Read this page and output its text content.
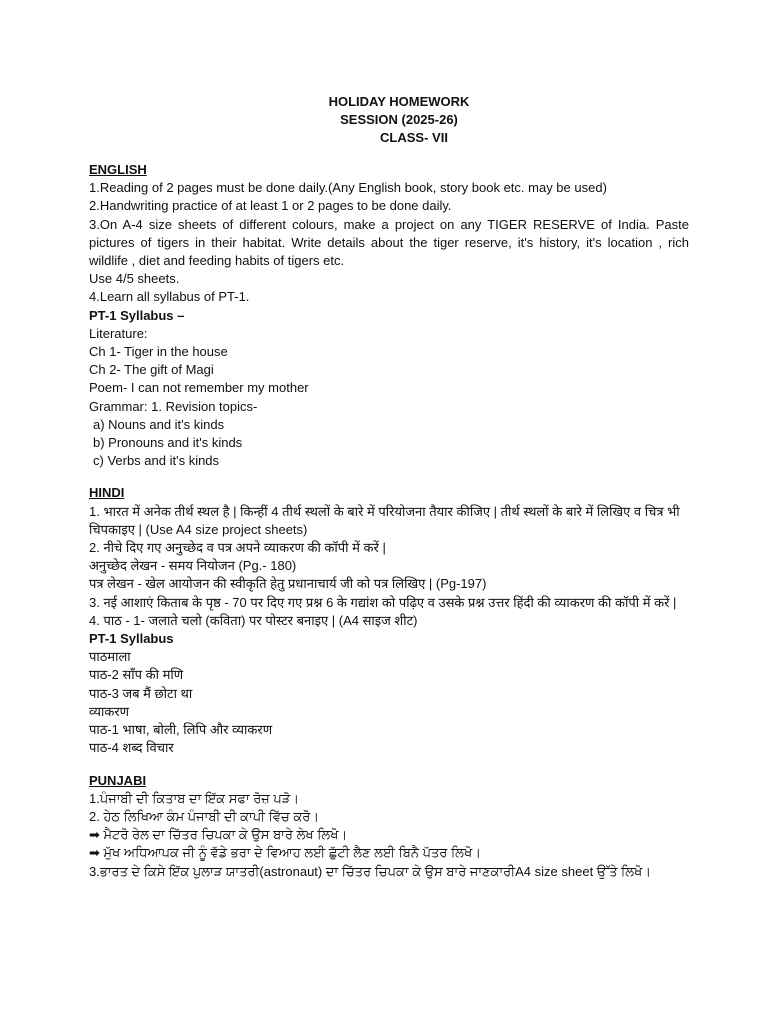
HOLIDAY HOMEWORK
SESSION (2025-26)
CLASS- VII
ENGLISH
1.Reading of 2 pages must be done daily.(Any English book, story book etc. may be used)
2.Handwriting practice of at least 1 or 2 pages to be done daily.
3.On A-4 size sheets of different colours, make a project on any TIGER RESERVE of India. Paste pictures of tigers in their habitat. Write details about the tiger reserve, it's history, it's location , rich wildlife , diet and feeding habits of tigers etc.
Use 4/5 sheets.
4.Learn all syllabus of PT-1.
PT-1 Syllabus –
Literature:
Ch 1- Tiger in the house
Ch 2- The gift of Magi
Poem- I can not remember my mother
Grammar: 1. Revision topics-
a) Nouns and it's kinds
b) Pronouns and it's kinds
c) Verbs and it's kinds
HINDI
1. भारत में अनेक तीर्थ स्थल है | किन्हीं 4 तीर्थ स्थलों के बारे में परियोजना तैयार कीजिए | तीर्थ स्थलों के बारे में लिखिए व चित्र भी चिपकाइए | (Use A4 size project sheets)
2. नीचे दिए गए अनुच्छेद व पत्र अपने व्याकरण की कॉपी में करें |
अनुच्छेद लेखन - समय नियोजन (Pg.- 180)
पत्र लेखन - खेल आयोजन की स्वीकृति हेतु प्रधानाचार्य जी को पत्र लिखिए | (Pg-197)
3. नई आशाएं किताब के पृष्ठ - 70 पर दिए गए प्रश्न 6 के गद्यांश को पढ़िए व उसके प्रश्न उत्तर हिंदी की व्याकरण की कॉपी में करें |
4. पाठ - 1- जलाते चलो (कविता) पर पोस्टर बनाइए | (A4 साइज शीट)
PT-1 Syllabus
पाठमाला
पाठ-2 साँप की मणि
पाठ-3 जब मैं छोटा था
व्याकरण
पाठ-1 भाषा, बोली, लिपि और व्याकरण
पाठ-4 शब्द विचार
PUNJABI
1.ਪੰਜਾਬੀ ਦੀ ਕਿਤਾਬ ਦਾ ਇੱਕ ਸਫਾ ਰੋਜ਼ ਪੜੋ।
2. ਹੇਠ ਲਿਖਿਆ ਕੰਮ ਪੰਜਾਬੀ ਦੀ ਕਾਪੀ ਵਿੱਚ ਕਰੋ।
➡ ਮੈਟਰੋ ਰੇਲ ਦਾ ਚਿੱਤਰ ਚਿਪਕਾ ਕੇ ਉਸ ਬਾਰੇ ਲੇਖ ਲਿਖੋ।
➡ ਮੁੱਖ ਅਧਿਆਪਕ ਜੀ ਨੂੰ ਵੱਡੇ ਭਰਾ ਦੇ ਵਿਆਹ ਲਈ ਛੁੱਟੀ ਲੈਣ ਲਈ ਬਿਨੈ ਪੱਤਰ ਲਿਖੋ।
3.ਭਾਰਤ ਦੇ ਕਿਸੇ ਇੱਕ ਪੁਲਾੜ ਯਾਤਰੀ(astronaut) ਦਾ ਚਿੱਤਰ ਚਿਪਕਾ ਕੇ ਉਸ ਬਾਰੇ ਜਾਣਕਾਰੀA4 size sheet ਉੱਤੇ ਲਿਖੋ।
